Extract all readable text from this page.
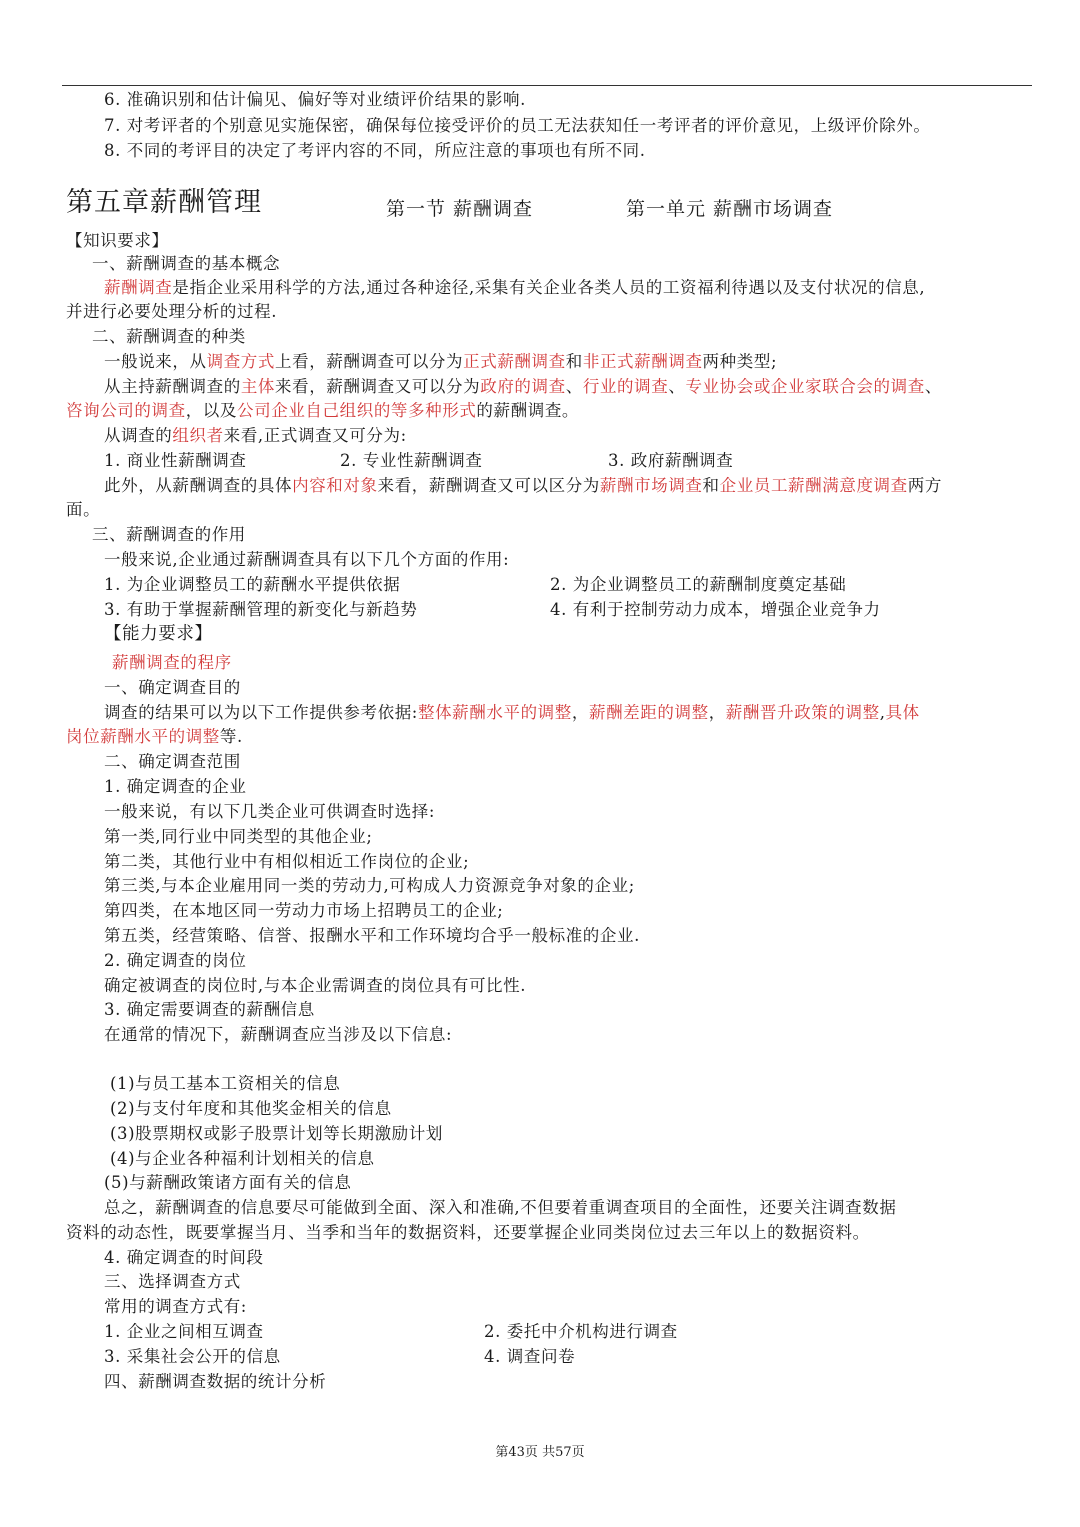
6. 准确识别和估计偏见、偏好等对业绩评价结果的影响.
7. 对考评者的个别意见实施保密，确保每位接受评价的员工无法获知任一考评者的评价意见，上级评价除外。
8. 不同的考评目的决定了考评内容的不同，所应注意的事项也有所不同.
第五章薪酬管理	第一节 薪酬调查	第一单元 薪酬市场调查
【知识要求】
一、薪酬调查的基本概念
薪酬调查是指企业采用科学的方法,通过各种途径,采集有关企业各类人员的工资福利待遇以及支付状况的信息,
并进行必要处理分析的过程.
二、薪酬调查的种类
一般说来，从调查方式上看，薪酬调查可以分为正式薪酬调查和非正式薪酬调查两种类型;
从主持薪酬调查的主体来看，薪酬调查又可以分为政府的调查、行业的调查、专业协会或企业家联合会的调查、
咨询公司的调查，以及公司企业自己组织的等多种形式的薪酬调查。
从调查的组织者来看,正式调查又可分为:
1. 商业性薪酬调查	2. 专业性薪酬调查	3. 政府薪酬调查
此外，从薪酬调查的具体内容和对象来看，薪酬调查又可以区分为薪酬市场调查和企业员工薪酬满意度调查两方
面。
三、薪酬调查的作用
一般来说,企业通过薪酬调查具有以下几个方面的作用:
1. 为企业调整员工的薪酬水平提供依据	2. 为企业调整员工的薪酬制度奠定基础
3. 有助于掌握薪酬管理的新变化与新趋势	4. 有利于控制劳动力成本，增强企业竞争力
【能力要求】
薪酬调查的程序
一、确定调查目的
调查的结果可以为以下工作提供参考依据:整体薪酬水平的调整，薪酬差距的调整，薪酬晋升政策的调整,具体
岗位薪酬水平的调整等.
二、确定调查范围
1. 确定调查的企业
一般来说，有以下几类企业可供调查时选择:
第一类,同行业中同类型的其他企业;
第二类，其他行业中有相似相近工作岗位的企业;
第三类,与本企业雇用同一类的劳动力,可构成人力资源竞争对象的企业;
第四类，在本地区同一劳动力市场上招聘员工的企业;
第五类，经营策略、信誉、报酬水平和工作环境均合乎一般标准的企业.
2. 确定调查的岗位
确定被调查的岗位时,与本企业需调查的岗位具有可比性.
3. 确定需要调查的薪酬信息
在通常的情况下，薪酬调查应当涉及以下信息:
(1)与员工基本工资相关的信息
(2)与支付年度和其他奖金相关的信息
(3)股票期权或影子股票计划等长期激励计划
(4)与企业各种福利计划相关的信息
(5)与薪酬政策诸方面有关的信息
总之，薪酬调查的信息要尽可能做到全面、深入和准确,不但要着重调查项目的全面性，还要关注调查数据
资料的动态性，既要掌握当月、当季和当年的数据资料，还要掌握企业同类岗位过去三年以上的数据资料。
4. 确定调查的时间段
三、选择调查方式
常用的调查方式有:
1. 企业之间相互调查	2. 委托中介机构进行调查
3. 采集社会公开的信息	4. 调查问卷
四、薪酬调查数据的统计分析
第43页 共57页
